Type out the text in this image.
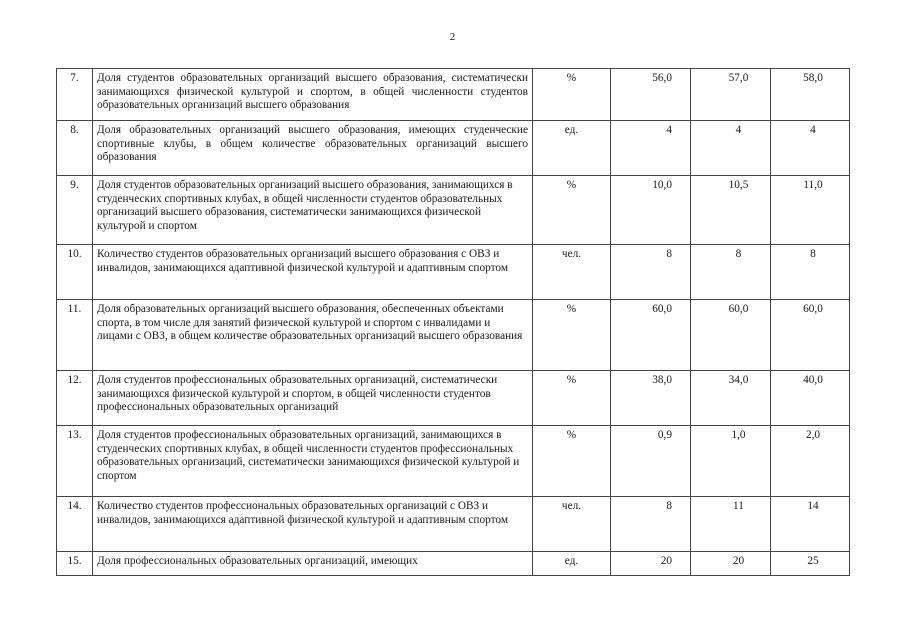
2
7.	Доля студентов образовательных организаций высшего образования, систематически занимающихся физической культурой и спортом, в общей численности студентов образовательных организаций высшего образования	%	56,0	57,0	58,0
8.	Доля образовательных организаций высшего образования, имеющих студенческие спортивные клубы, в общем количестве образовательных организаций высшего образования	ед.	4	4	4
9.	Доля студентов образовательных организаций высшего образования, занимающихся в студенческих спортивных клубах, в общей численности студентов образовательных организаций высшего образования, систематически занимающихся физической культурой и спортом	%	10,0	10,5	11,0
10.	Количество студентов образовательных организаций высшего образования с ОВЗ и инвалидов, занимающихся адаптивной физической культурой и адаптивным спортом	чел.	8	8	8
11.	Доля образовательных организаций высшего образования, обеспеченных объектами спорта, в том числе для занятий физической культурой и спортом с инвалидами и лицами с ОВЗ, в общем количестве образовательных организаций высшего образования	%	60,0	60,0	60,0
12.	Доля студентов профессиональных образовательных организаций, систематически занимающихся физической культурой и спортом, в общей численности студентов профессиональных образовательных организаций	%	38,0	34,0	40,0
13.	Доля студентов профессиональных образовательных организаций, занимающихся в студенческих спортивных клубах, в общей численности студентов профессиональных образовательных организаций, систематически занимающихся физической культурой и спортом	%	0,9	1,0	2,0
14.	Количество студентов профессиональных образовательных организаций с ОВЗ и инвалидов, занимающихся адаптивной физической культурой и адаптивным спортом	чел.	8	11	14
15.	Доля профессиональных образовательных организаций, имеющих	ед.	20	20	25
